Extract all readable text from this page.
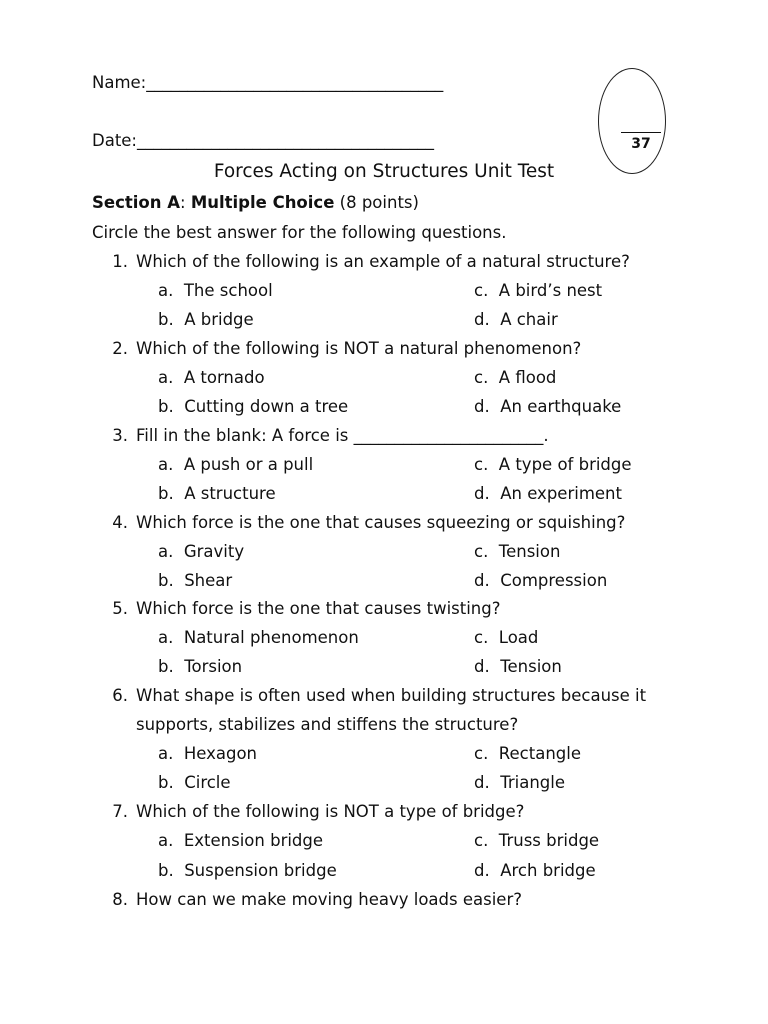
Name:____________________________________
Date:____________________________________	37
Forces Acting on Structures Unit Test
Section A: Multiple Choice (8 points)
Circle the best answer for the following questions.
1. Which of the following is an example of a natural structure?
a.  The school	c.  A bird’s nest
b.  A bridge	d.  A chair
2. Which of the following is NOT a natural phenomenon?
a.  A tornado	c.  A flood
b.  Cutting down a tree	d.  An earthquake
3. Fill in the blank: A force is _______________________.
a.  A push or a pull	c.  A type of bridge
b.  A structure	d.  An experiment
4. Which force is the one that causes squeezing or squishing?
a.  Gravity	c.  Tension
b.  Shear	d.  Compression
5. Which force is the one that causes twisting?
a.  Natural phenomenon	c.  Load
b.  Torsion	d.  Tension
6. What shape is often used when building structures because it
supports, stabilizes and stiffens the structure?
a.  Hexagon	c.  Rectangle
b.  Circle	d.  Triangle
7. Which of the following is NOT a type of bridge?
a.  Extension bridge	c.  Truss bridge
b.  Suspension bridge	d.  Arch bridge
8. How can we make moving heavy loads easier?
